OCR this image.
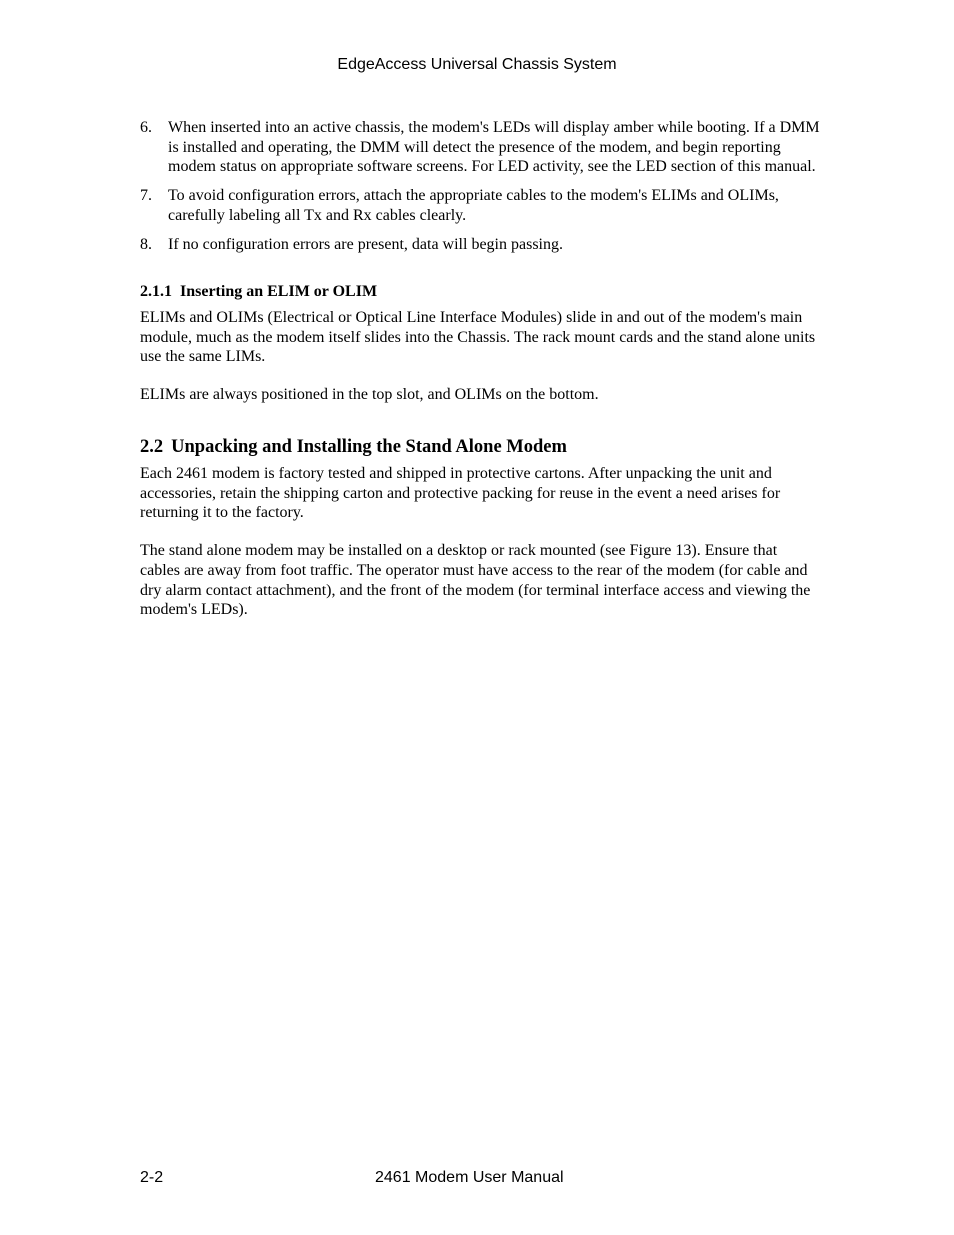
EdgeAccess Universal Chassis System
6.	When inserted into an active chassis, the modem's LEDs will display amber while booting. If a DMM is installed and operating, the DMM will detect the presence of the modem, and begin reporting modem status on appropriate software screens. For LED activity, see the LED section of this manual.
7.	To avoid configuration errors, attach the appropriate cables to the modem's ELIMs and OLIMs, carefully labeling all Tx and Rx cables clearly.
8.	If no configuration errors are present, data will begin passing.
2.1.1 Inserting an ELIM or OLIM

ELIMs and OLIMs (Electrical or Optical Line Interface Modules) slide in and out of the modem's main module, much as the modem itself slides into the Chassis. The rack mount cards and the stand alone units use the same LIMs.

ELIMs are always positioned in the top slot, and OLIMs on the bottom.

2.2 Unpacking and Installing the Stand Alone Modem

Each 2461 modem is factory tested and shipped in protective cartons. After unpacking the unit and accessories, retain the shipping carton and protective packing for reuse in the event a need arises for returning it to the factory.

The stand alone modem may be installed on a desktop or rack mounted (see Figure 13). Ensure that cables are away from foot traffic. The operator must have access to the rear of the modem (for cable and dry alarm contact attachment), and the front of the modem (for terminal interface access and viewing the modem's LEDs).

2-2	2461 Modem User Manual
